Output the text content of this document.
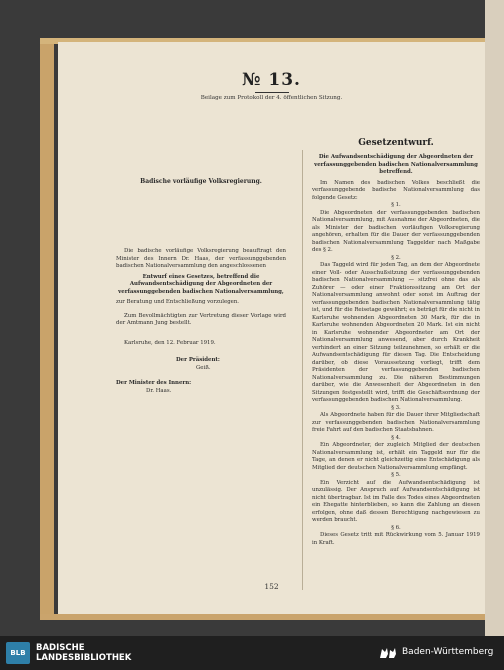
№ 13.
Beilage zum Protokoll der 4. öffentlichen Sitzung.

Badische vorläufige Volksregierung.

Die badische vorläufige Volksregierung beauftragt den Minister des Innern Dr. Haas, der verfassunggebenden badischen Nationalversammlung den angeschlossenen

Entwurf eines Gesetzes, betreffend die Aufwandsentschädigung der Abgeordneten der verfassunggebenden badischen Nationalversammlung,

zur Beratung und Entschließung vorzulegen.

Zum Bevollmächtigten zur Vertretung dieser Vorlage wird der Amtmann Jung bestellt.

Karlsruhe, den 12. Februar 1919.

Der Präsident:

Geiß.

Der Minister des Innern:

Dr. Haas.

Gesetzentwurf.

Die Aufwandsentschädigung der Abgeordneten der verfassunggebenden badischen Nationalversammlung betreffend.

Im Namen des badischen Volkes beschließt die verfassunggebende badische Nationalversammlung das folgende Gesetz:

§ 1.

Die Abgeordneten der verfassunggebenden badischen Nationalversammlung, mit Ausnahme der Abgeordneten, die als Minister der badischen vorläufigen Volksregierung angehören, erhalten für die Dauer der verfassunggebenden badischen Nationalversammlung Taggelder nach Maßgabe des § 2.

§ 2.

Das Taggeld wird für jeden Tag, an dem der Abgeordnete einer Voll- oder Ausschußsitzung der verfassunggebenden badischen Nationalversammlung — sitzfrei ohne das als Zuhörer — oder einer Fraktionssitzung am Ort der Nationalversammlung anwohnt oder sonst im Auftrag der verfassunggebenden badischen Nationalversammlung tätig ist, und für die Reisetage gewährt; es beträgt für die nicht in Karlsruhe wohnenden Abgeordneten 30 Mark, für die in Karlsruhe wohnenden Abgeordneten 20 Mark. Ist ein nicht in Karlsruhe wohnender Abgeordneter am Ort der Nationalversammlung anwesend, aber durch Krankheit verhindert an einer Sitzung teilzunehmen, so erhält er die Aufwandsentschädigung für diesen Tag. Die Entscheidung darüber, ob diese Voraussetzung vorliegt, trifft dem Präsidenten der verfassunggebenden badischen Nationalversammlung zu. Die näheren Bestimmungen darüber, wie die Anwesenheit der Abgeordneten in den Sitzungen festgestellt wird, trifft die Geschäftsordnung der verfassunggebenden badischen Nationalversammlung.

§ 3.

Als Abgeordnete haben für die Dauer ihrer Mitgliedschaft zur verfassunggebenden badischen Nationalversammlung freie Fahrt auf den badischen Staatsbahnen.

§ 4.

Ein Abgeordneter, der zugleich Mitglied der deutschen Nationalversammlung ist, erhält ein Taggeld nur für die Tage, an denen er nicht gleichzeitig eine Entschädigung als Mitglied der deutschen Nationalversammlung empfängt.

§ 5.

Ein Verzicht auf die Aufwandsentschädigung ist unzulässig. Der Anspruch auf Aufwandsentschädigung ist nicht übertragbar. Ist im Falle des Todes eines Abgeordneten ein Ehegatte hinterblieben, so kann die Zahlung an diesen erfolgen, ohne daß dessen Berechtigung nachgewiesen zu werden braucht.

§ 6.

Dieses Gesetz tritt mit Rückwirkung vom 5. Januar 1919 in Kraft.

152
BLB	BADISCHE
LANDESBIBLIOTHEK
Baden-Württemberg
